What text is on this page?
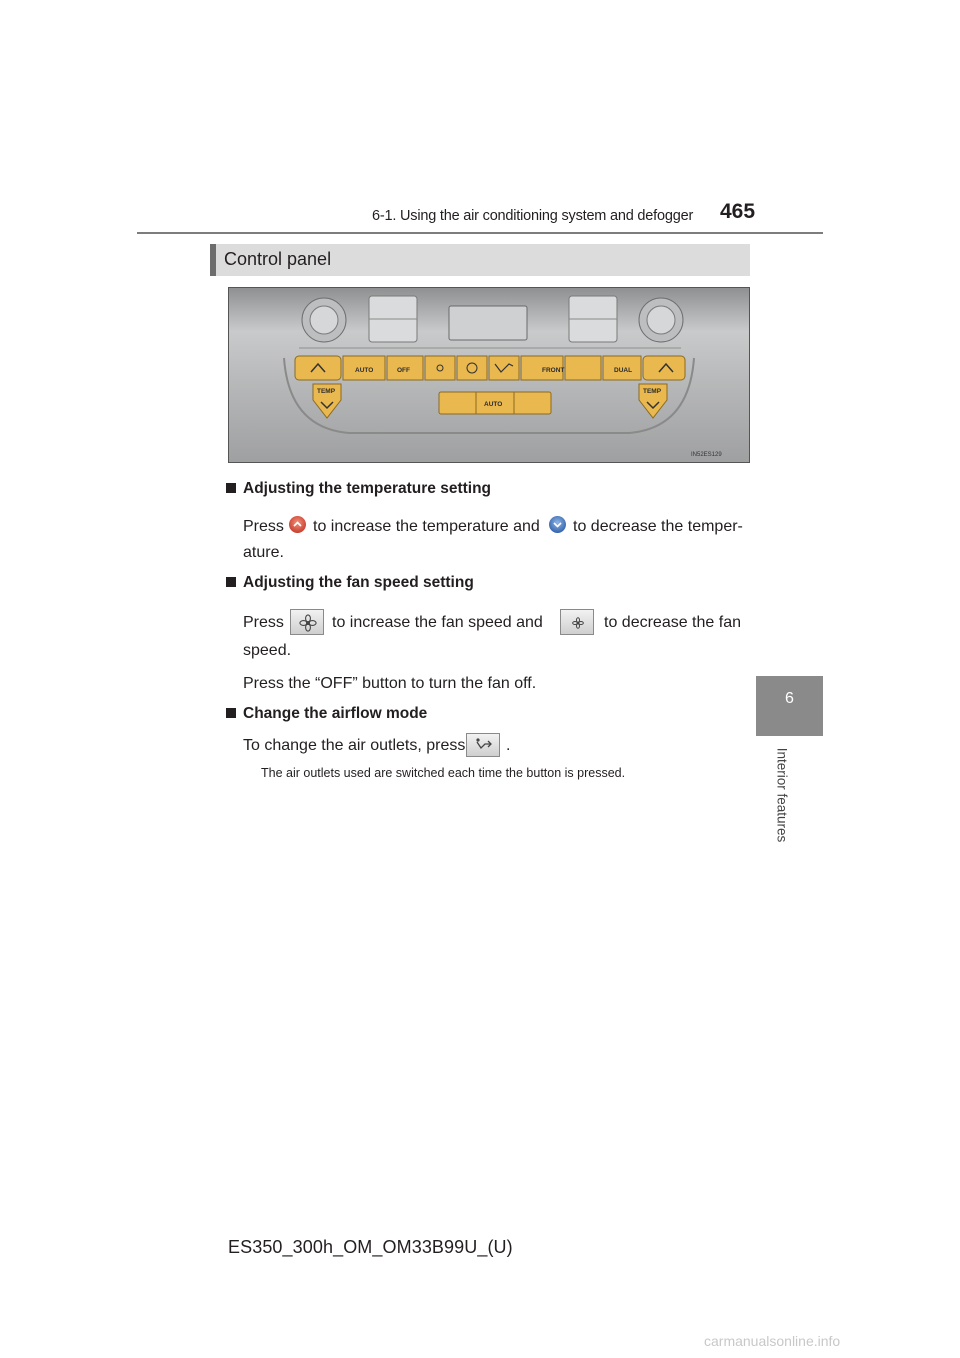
6-1. Using the air conditioning system and defogger 465
6
Interior features
Control panel
AUTO	OFF	FRONT	DUAL
TEMP	TEMP
AUTO
IN52ES129
Adjusting the temperature setting
Press to increase the temperature and to decrease the temper-
ature.
Adjusting the fan speed setting
Press	to increase the fan speed and	to decrease the fan
speed.
Press the “OFF” button to turn the fan off.
Change the airflow mode
To change the air outlets, press	.
The air outlets used are switched each time the button is pressed.
ES350_300h_OM_OM33B99U_(U)
carmanualsonline.info
